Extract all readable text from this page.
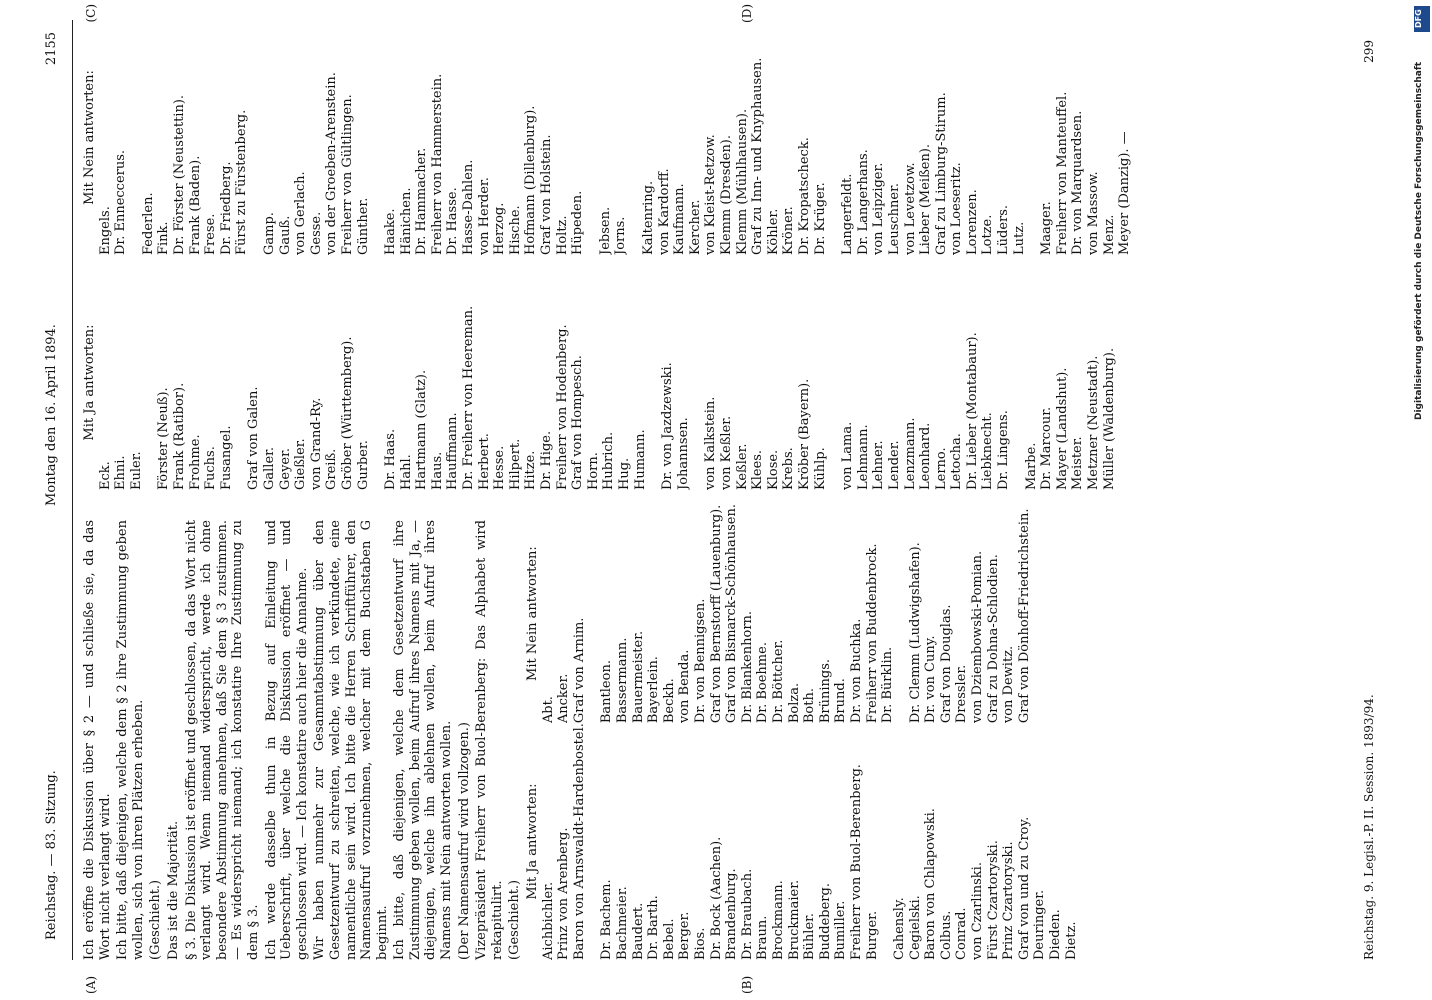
Reichstag. — 83. Sitzung.
Montag den 16. April 1894.
2155
(A)	(B)
(C)	(D)

Ich eröffne die Diskussion über § 2 — und schließe sie, da das Wort nicht verlangt wird. Ich bitte, daß diejenigen, welche dem § 2 ihre Zustimmung geben wollen, sich von ihren Plätzen erheben. (Geschieht.) Das ist die Majorität. § 3. Die Diskussion ist eröffnet und geschlossen, da das Wort nicht verlangt wird. Wenn niemand widerspricht, werde ich ohne besondere Abstimmung annehmen, daß Sie dem § 3 zustimmen. — Es widerspricht niemand; ich konstatire Ihre Zustimmung zu dem § 3. Ich werde dasselbe thun in Bezug auf Einleitung und Ueberschrift, über welche die Diskussion eröffnet — und geschlossen wird. — Ich konstatire auch hier die Annahme. Wir haben nunmehr zur Gesammtabstimmung über den Gesetzentwurf zu schreiten, welche, wie ich verkündete, eine namentliche sein wird. Ich bitte die Herren Schriftführer, den Namensaufruf vorzunehmen, welcher mit dem Buchstaben G beginnt. Ich bitte, daß diejenigen, welche dem Gesetzentwurf ihre Zustimmung geben wollen, beim Aufruf ihres Namens mit Ja, — diejenigen, welche ihn ablehnen wollen, beim Aufruf ihres Namens mit Nein antworten wollen. (Der Namensaufruf wird vollzogen.) Vizepräsident Freiherr von Buol-Berenberg: Das Alphabet wird rekapitulirt. (Geschieht.)

Mit Ja antworten:
Aichbichler. Prinz von Arenberg. Baron von Arnswaldt-Hardenbostel. Dr. Bachem. Bachmeier. Baudert. Dr. Barth. Bebel. Berger. Bios. Dr. Bock (Aachen). Brandenburg. Dr. Braubach. Braun. Brockmann. Bruckmaier. Bühler. Buddeberg. Bumiller. Freiherr von Buol-Berenberg. Burger. Cahensly. Cegielski. Baron von Chlapowski. Colbus. Conrad. von Czarlinski. Fürst Czartoryski. Prinz Czartoryski. Graf von und zu Croy. Deuringer. Dieden. Dietz.
Mit Nein antworten:
Abt. Ancker. Graf von Arnim. Bantleon. Bassermann. Bauermeister. Bayerlein. Beckh. von Benda. Dr. von Bennigsen. Graf von Bernstorff (Lauenburg). Graf von Bismarck-Schönhausen. Dr. Blankenhorn. Dr. Boehme. Dr. Böttcher. Bolza. Both. Brünings. Brund. Dr. von Buchka. Freiherr von Buddenbrock. Dr. Bürklin. Dr. Clemm (Ludwigshafen). Dr. von Cuny. Graf von Douglas. Dressler. von Dziembowski-Pomian. Graf zu Dohna-Schlodien. von Dewitz. Graf von Dönhoff-Friedrichstein.
Mit Ja antworten:
Eck. Ehni. Euler. Förster (Neuß). Frank (Ratibor). Frohme. Fuchs. Fusangel. Graf von Galen. Galler. Geyer. Gießler. von Grand-Ry. Greiß. Gröber (Württemberg). Gurber. Dr. Haas. Hahl. Hartmann (Glatz). Haus. Hauffmann. Dr. Freiherr von Heereman. Herbert. Hesse. Hilpert. Hitze. Dr. Hige. Freiherr von Hodenberg. Graf von Hompesch. Horn. Hubrich. Hug. Humann. Dr. von Jazdzewski. Johannsen. von Kalkstein. von Keßler. Keßler. Klees. Klose. Krebs. Kröber (Bayern). Kühlp. von Lama. Lehmann. Lehner. Lender. Lenzmann. Leonhard. Lerno. Letocha. Dr. Lieber (Montabaur). Liebknecht. Dr. Lingens. Marbe. Dr. Marcour. Mayer (Landshut). Meister. Metzner (Neustadt). Müller (Waldenburg).
Mit Nein antworten:
Engels. Dr. Enneccerus. Federlen. Fink. Dr. Förster (Neustettin). Frank (Baden). Frese. Dr. Friedberg. Fürst zu Fürstenberg. Gamp. Gauß. von Gerlach. Gesse. von der Groeben-Arenstein. Freiherr von Gültlingen. Günther. Haake. Hänichen. Dr. Hammacher. Freiherr von Hammerstein. Dr. Hasse. Hasse-Dahlen. von Herder. Herzog. Hische. Hofmann (Dillenburg). Graf von Holstein. Holtz. Hüpeden. Jebsen. Jorns. Kaltenring. von Kardorff. Kaufmann. Kercher. von Kleist-Retzow. Klemm (Dresden). Klemm (Mühlhausen). Graf zu Inn- und Knyphausen. Köhler. Kröner. Dr. Kropatscheck. Dr. Krüger. Langerfeldt. Dr. Langerhans. von Leipziger. Leuschner. von Levetzow. Lieber (Meißen). Graf zu Limburg-Stirum. von Loeseritz. Lorenzen. Lotze. Lüders. Lutz. Maager. Freiherr von Manteuffel. Dr. von Marquardsen. von Massow. Menz. Meyer (Danzig). —
Reichstag. 9. Legisl.-P. II. Session. 1893/94.
299
DFG
Digitalisierung gefördert durch die Deutsche Forschungsgemeinschaft
